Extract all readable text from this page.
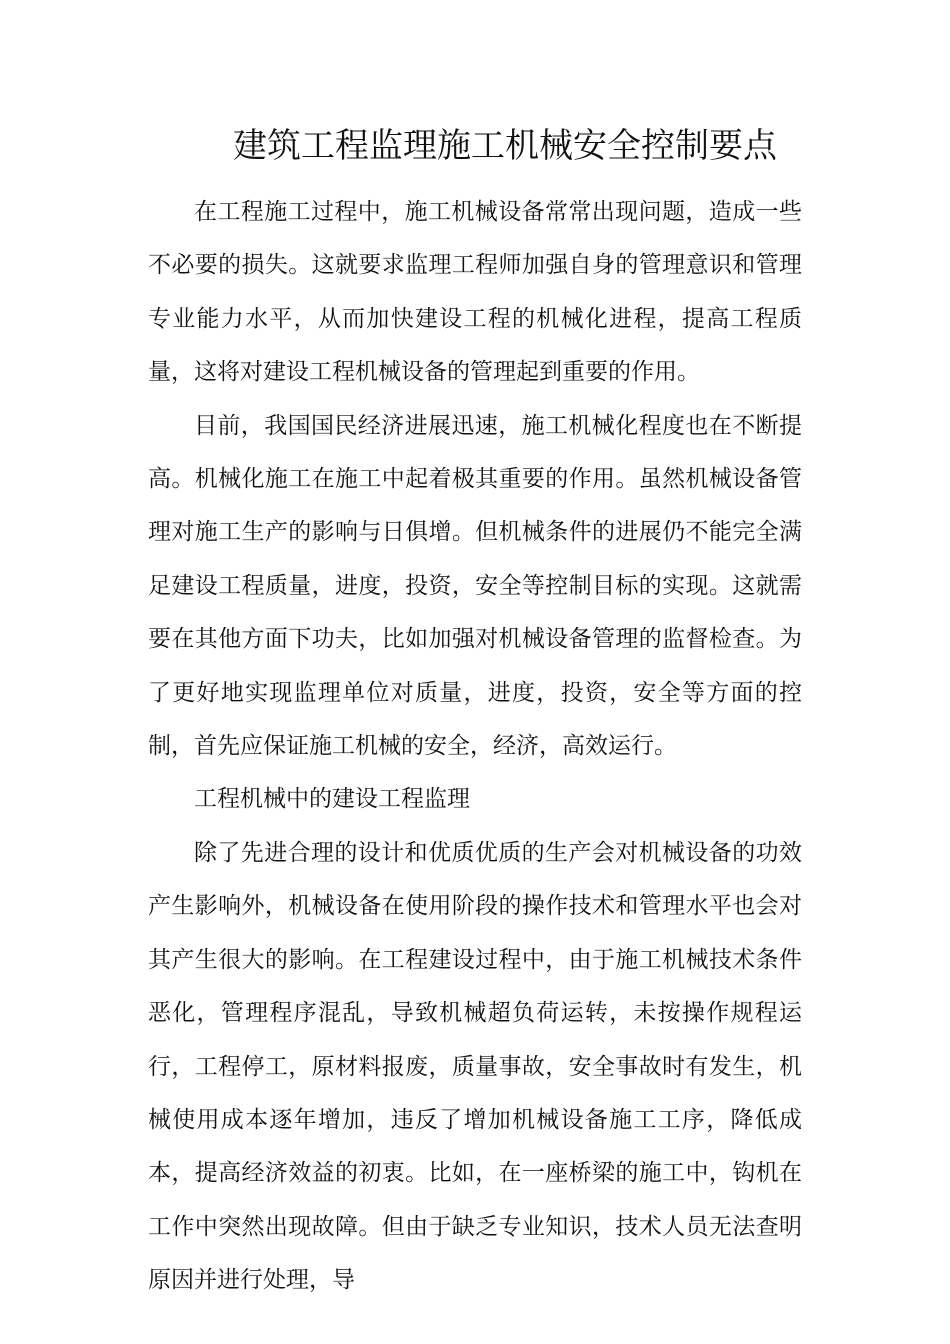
建筑工程监理施工机械安全控制要点

在工程施工过程中，施工机械设备常常出现问题，造成一些不必要的损失。这就要求监理工程师加强自身的管理意识和管理专业能力水平，从而加快建设工程的机械化进程，提高工程质量，这将对建设工程机械设备的管理起到重要的作用。

目前，我国国民经济进展迅速，施工机械化程度也在不断提高。机械化施工在施工中起着极其重要的作用。虽然机械设备管理对施工生产的影响与日俱增。但机械条件的进展仍不能完全满足建设工程质量，进度，投资，安全等控制目标的实现。这就需要在其他方面下功夫，比如加强对机械设备管理的监督检查。为了更好地实现监理单位对质量，进度，投资，安全等方面的控制，首先应保证施工机械的安全，经济，高效运行。

工程机械中的建设工程监理

除了先进合理的设计和优质优质的生产会对机械设备的功效产生影响外，机械设备在使用阶段的操作技术和管理水平也会对其产生很大的影响。在工程建设过程中，由于施工机械技术条件恶化，管理程序混乱，导致机械超负荷运转，未按操作规程运行，工程停工，原材料报废，质量事故，安全事故时有发生，机械使用成本逐年增加，违反了增加机械设备施工工序，降低成本，提高经济效益的初衷。比如，在一座桥梁的施工中，钩机在工作中突然出现故障。但由于缺乏专业知识，技术人员无法查明原因并进行处理，导
